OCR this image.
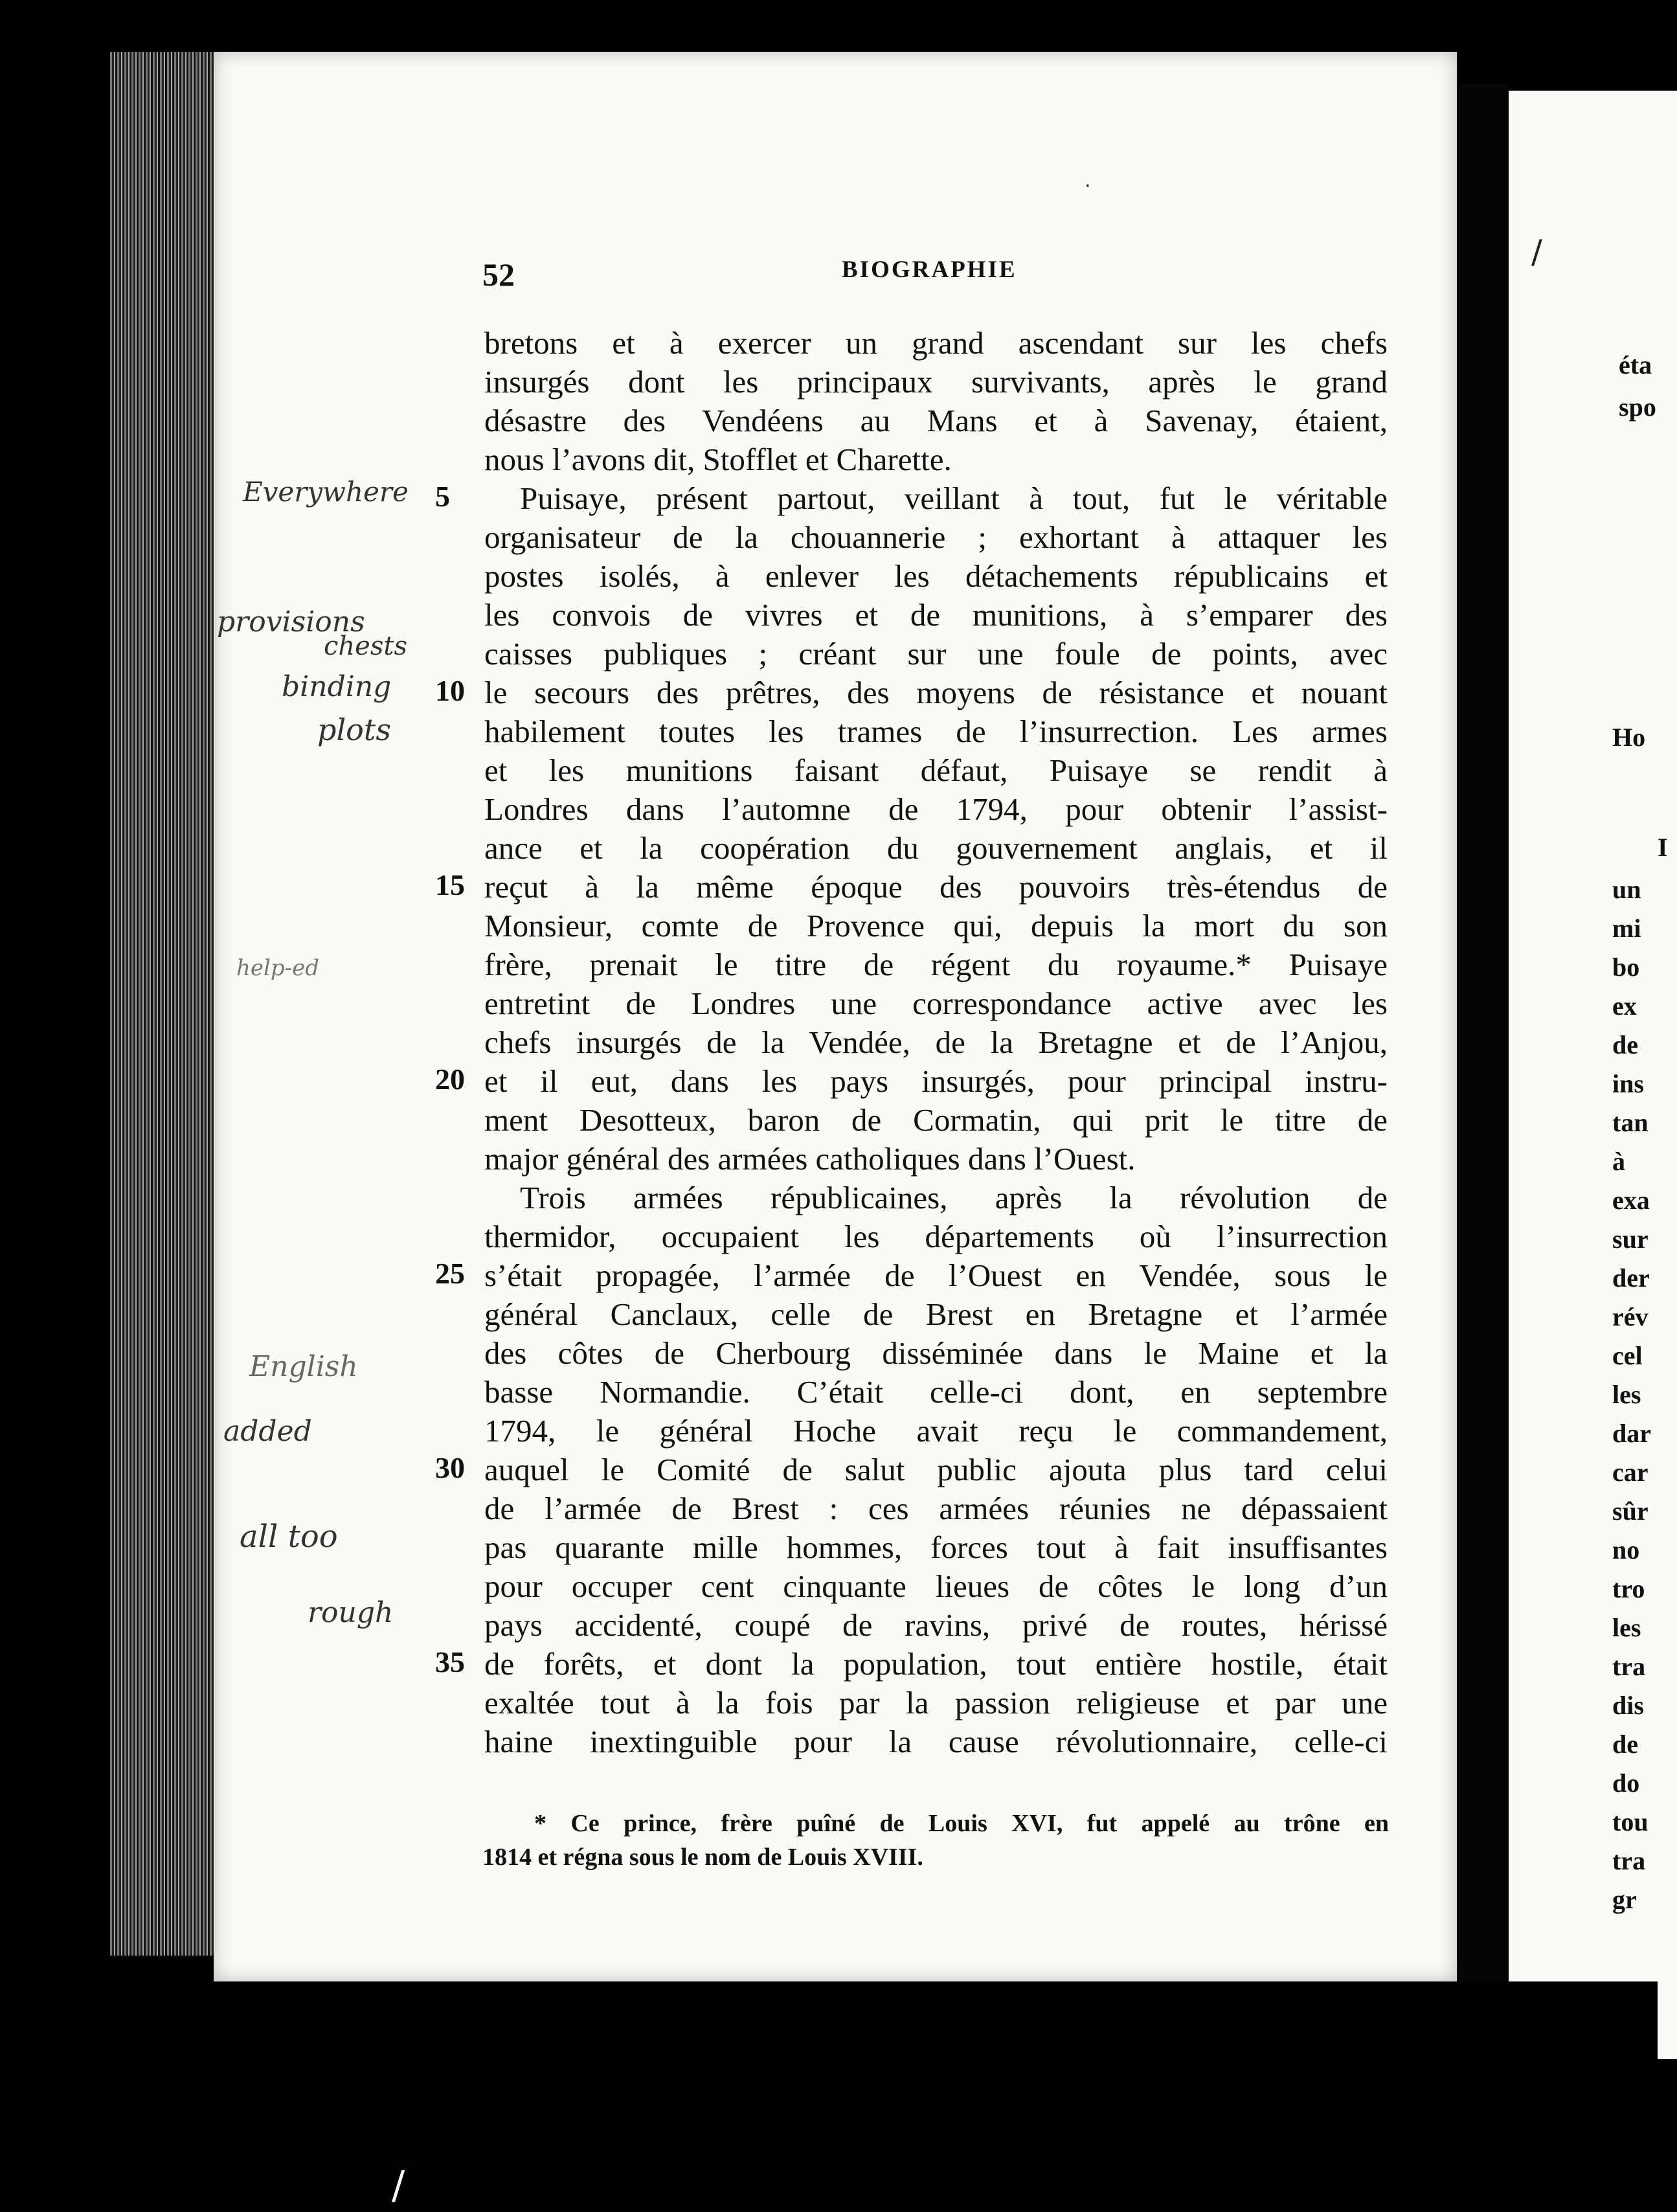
éta
spo
Ho
I
un
mi
bo
ex
de
ins
tan
à
exa
sur
der
rév
cel
les
dar
car
sûr
no
tro
les
tra
dis
de
do
tou
tra
gr
52	BIOGRAPHIE
bretons et à exercer un grand ascendant sur les chefs
insurgés dont les principaux survivants, après le grand
désastre des Vendéens au Mans et à Savenay, étaient,
nous l’avons dit, Stofflet et Charette.
Puisaye, présent partout, veillant à tout, fut le véritable
organisateur de la chouannerie ; exhortant à attaquer les
postes isolés, à enlever les détachements républicains et
les convois de vivres et de munitions, à s’emparer des
caisses publiques ; créant sur une foule de points, avec
le secours des prêtres, des moyens de résistance et nouant
habilement toutes les trames de l’insurrection. Les armes
et les munitions faisant défaut, Puisaye se rendit à
Londres dans l’automne de 1794, pour obtenir l’assist-
ance et la coopération du gouvernement anglais, et il
reçut à la même époque des pouvoirs très-étendus de
Monsieur, comte de Provence qui, depuis la mort du son
frère, prenait le titre de régent du royaume.* Puisaye
entretint de Londres une correspondance active avec les
chefs insurgés de la Vendée, de la Bretagne et de l’Anjou,
et il eut, dans les pays insurgés, pour principal instru-
ment Desotteux, baron de Cormatin, qui prit le titre de
major général des armées catholiques dans l’Ouest.
Trois armées républicaines, après la révolution de
thermidor, occupaient les départements où l’insurrection
s’était propagée, l’armée de l’Ouest en Vendée, sous le
général Canclaux, celle de Brest en Bretagne et l’armée
des côtes de Cherbourg disséminée dans le Maine et la
basse Normandie. C’était celle-ci dont, en septembre
1794, le général Hoche avait reçu le commandement,
auquel le Comité de salut public ajouta plus tard celui
de l’armée de Brest : ces armées réunies ne dépassaient
pas quarante mille hommes, forces tout à fait insuffisantes
pour occuper cent cinquante lieues de côtes le long d’un
pays accidenté, coupé de ravins, privé de routes, hérissé
de forêts, et dont la population, tout entière hostile, était
exaltée tout à la fois par la passion religieuse et par une
haine inextinguible pour la cause révolutionnaire, celle-ci
5
10
15
20
25
30
35
* Ce prince, frère puîné de Louis XVI, fut appelé au trône en
1814 et régna sous le nom de Louis XVIII.
Everywhere
provisions
chests
binding
plots
help-ed
English
added
all too
rough
·
/
/
